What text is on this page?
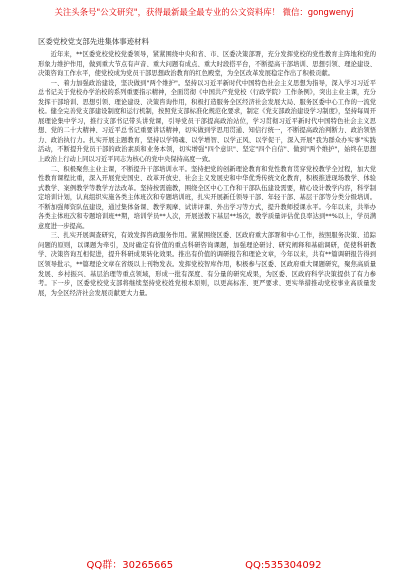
关注头条号"公文研究"，获得最新最全最专业的公文资料库！ 微信：gongwenyj
区委党校党支部先进集体事迹材料

近年来，**区委党校党校党委领导，紧紧围绕中央和省、市、区委决策部署，充分发挥党校的党性教育主阵地和党的形象力维护作用，做到重大节点有声音、重大问题有成点、重大时段搭平台，不断提高干部培训、思想引领、理论建设、决策咨询工作水平，使党校成为党员干部思想政治教育的红色殿堂，为全区改革发展稳定作出了积极贡献。

一、着力加强政治建设，坚决做到"两个维护"。坚持以习近平新时代中国特色社会主义思想为指导，深入学习习近平总书记关于党校办学治校的系列重要指示精神，全面贯彻《中国共产党党校（行政学院）工作条例》，突出主业主课，充分发挥干部培训、思想引领、理论建设、决策咨询作用，积极打造服务全区经济社会发展大局、服务区委中心工作的一流党校。健全完善党支部建设制度和运行机制，按照党支部标准化规范化要求，制定《党支部政治建设学习制度》，坚持每周开展理论集中学习，推行支部书记带头讲党课，引导党员干部提高政治站位，学习贯彻习近平新时代中国特色社会主义思想、党的二十大精神、习近平总书记重要讲话精神，切实做到学思用贯通、知信行统一，不断提高政治判断力、政治领悟力、政治执行力。扎实开展主题教育，坚持以学铸魂、以学增智、以学正风、以学促干，深入开展"我为群众办实事"实践活动，不断提升党员干部的政治素质和业务本领，切实增强"四个意识"、坚定"四个自信"、做到"两个维护"，始终在思想上政治上行动上同以习近平同志为核心的党中央保持高度一致。

二、积极聚焦主业主课，不断提升干部培训水平。坚持把党的创新理论教育和党性教育贯穿党校教学全过程，加大党性教育课程比重，深入开展党史国史、改革开放史、社会主义发展史和中华优秀传统文化教育，积极推进现场教学、体验式教学、案例教学等教学方法改革。坚持按需施教，围绕全区中心工作和干部队伍建设需要，精心设计教学内容，科学制定培训计划，认真组织实施各类主体班次和专题培训班，扎实开展新任领导干部、年轻干部、基层干部等分类分级培训。不断加强师资队伍建设，通过集体备课、教学观摩、试讲评课、外出学习等方式，提升教师授课水平。今年以来，共举办各类主体班次和专题培训班**期，培训学员**人次，开展送教下基层**场次，教学质量评估优良率达到**%以上，学员满意度进一步提高。

三、扎实开展调查研究，有效发挥咨政服务作用。紧紧围绕区委、区政府重大部署和中心工作，按照服务决策、追踪问题的原则，以课题为牵引，及时确定有价值的重点科研咨询课题，加强理论研讨、研究阐释和基础调研，促使科研教学、决策咨询互相促进，提升科研成果转化效果。推出有价值的调研报告和理论文章，今年以来，共有**篇调研报告得到区领导批示，**篇理论文章在省级以上刊物发表。发挥党校智库作用，积极参与区委、区政府重大课题研究，聚焦高质量发展、乡村振兴、基层治理等重点领域，形成一批有深度、有分量的研究成果，为区委、区政府科学决策提供了有力参考。下一步，区委党校党支部将继续坚持党校姓党根本原则，以更高标准、更严要求、更实举措推动党校事业高质量发展，为全区经济社会发展贡献更大力量。

QQ群：30265665	QQ:535304092
